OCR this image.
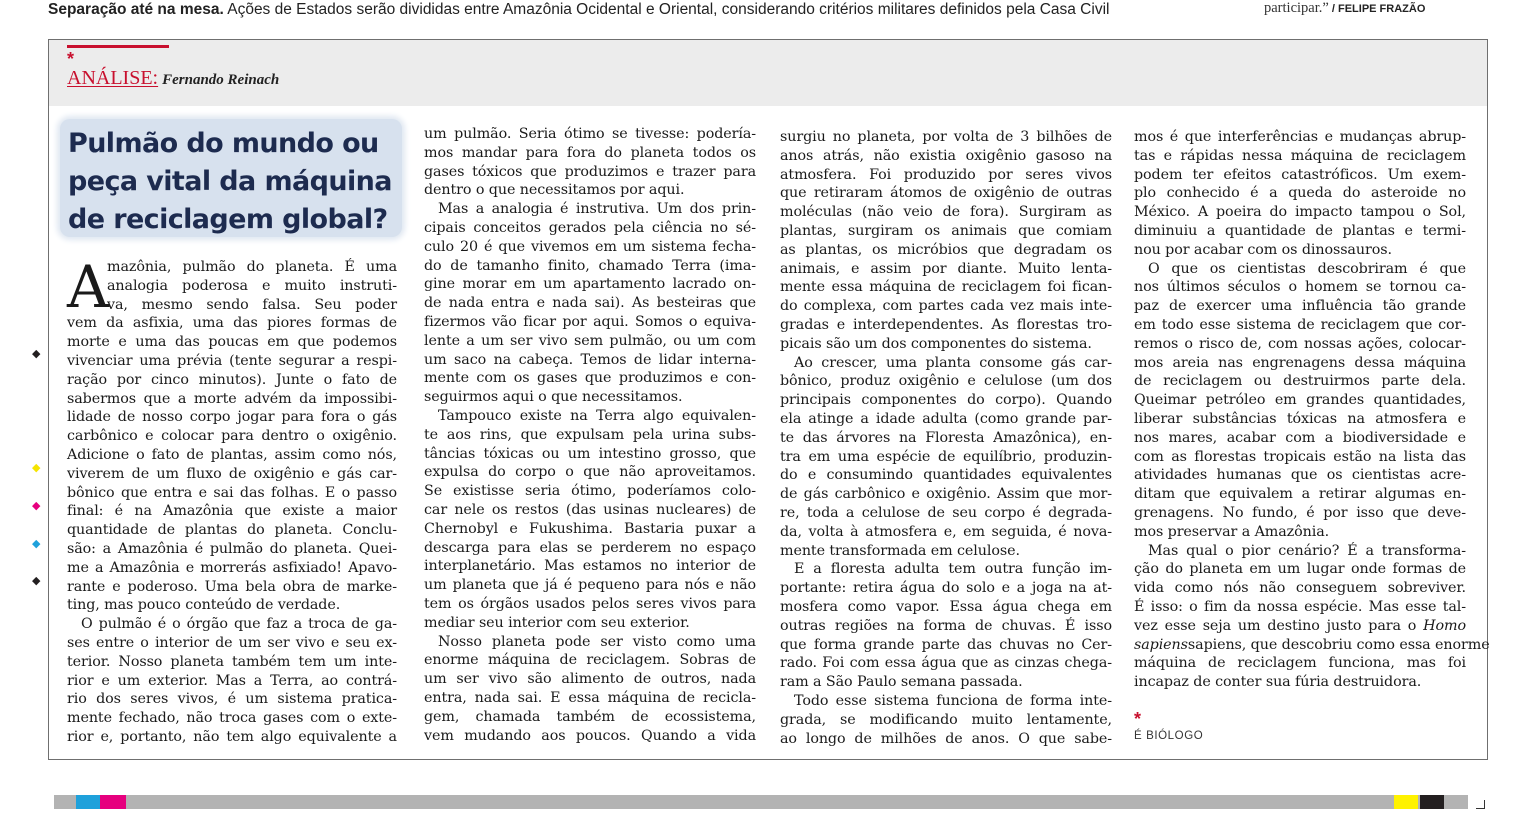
Separação até na mesa. Ações de Estados serão divididas entre Amazônia Ocidental e Oriental, considerando critérios militares definidos pela Casa Civil	participar.” / FELIPE FRAZÃO
◆
◆
◆
◆
◆
*
ANÁLISE: Fernando Reinach
Pulmão do mundo ou
peça vital da máquina
de reciclagem global?
A
mazônia, pulmão do planeta. É uma
analogia poderosa e muito instruti-
va, mesmo sendo falsa. Seu poder
vem da asfixia, uma das piores formas de
morte e uma das poucas em que podemos
vivenciar uma prévia (tente segurar a respi-
ração por cinco minutos). Junte o fato de
sabermos que a morte advém da impossibi-
lidade de nosso corpo jogar para fora o gás
carbônico e colocar para dentro o oxigênio.
Adicione o fato de plantas, assim como nós,
viverem de um fluxo de oxigênio e gás car-
bônico que entra e sai das folhas. E o passo
final: é na Amazônia que existe a maior
quantidade de plantas do planeta. Conclu-
são: a Amazônia é pulmão do planeta. Quei-
me a Amazônia e morrerás asfixiado! Apavo-
rante e poderoso. Uma bela obra de marke-
ting, mas pouco conteúdo de verdade.
O pulmão é o órgão que faz a troca de ga-
ses entre o interior de um ser vivo e seu ex-
terior. Nosso planeta também tem um inte-
rior e um exterior. Mas a Terra, ao contrá-
rio dos seres vivos, é um sistema pratica-
mente fechado, não troca gases com o exte-
rior e, portanto, não tem algo equivalente a
um pulmão. Seria ótimo se tivesse: podería-
mos mandar para fora do planeta todos os
gases tóxicos que produzimos e trazer para
dentro o que necessitamos por aqui.
Mas a analogia é instrutiva. Um dos prin-
cipais conceitos gerados pela ciência no sé-
culo 20 é que vivemos em um sistema fecha-
do de tamanho finito, chamado Terra (ima-
gine morar em um apartamento lacrado on-
de nada entra e nada sai). As besteiras que
fizermos vão ficar por aqui. Somos o equiva-
lente a um ser vivo sem pulmão, ou um com
um saco na cabeça. Temos de lidar interna-
mente com os gases que produzimos e con-
seguirmos aqui o que necessitamos.
Tampouco existe na Terra algo equivalen-
te aos rins, que expulsam pela urina subs-
tâncias tóxicas ou um intestino grosso, que
expulsa do corpo o que não aproveitamos.
Se existisse seria ótimo, poderíamos colo-
car nele os restos (das usinas nucleares) de
Chernobyl e Fukushima. Bastaria puxar a
descarga para elas se perderem no espaço
interplanetário. Mas estamos no interior de
um planeta que já é pequeno para nós e não
tem os órgãos usados pelos seres vivos para
mediar seu interior com seu exterior.
Nosso planeta pode ser visto como uma
enorme máquina de reciclagem. Sobras de
um ser vivo são alimento de outros, nada
entra, nada sai. E essa máquina de recicla-
gem, chamada também de ecossistema,
vem mudando aos poucos. Quando a vida
surgiu no planeta, por volta de 3 bilhões de
anos atrás, não existia oxigênio gasoso na
atmosfera. Foi produzido por seres vivos
que retiraram átomos de oxigênio de outras
moléculas (não veio de fora). Surgiram as
plantas, surgiram os animais que comiam
as plantas, os micróbios que degradam os
animais, e assim por diante. Muito lenta-
mente essa máquina de reciclagem foi fican-
do complexa, com partes cada vez mais inte-
gradas e interdependentes. As florestas tro-
picais são um dos componentes do sistema.
Ao crescer, uma planta consome gás car-
bônico, produz oxigênio e celulose (um dos
principais componentes do corpo). Quando
ela atinge a idade adulta (como grande par-
te das árvores na Floresta Amazônica), en-
tra em uma espécie de equilíbrio, produzin-
do e consumindo quantidades equivalentes
de gás carbônico e oxigênio. Assim que mor-
re, toda a celulose de seu corpo é degrada-
da, volta à atmosfera e, em seguida, é nova-
mente transformada em celulose.
E a floresta adulta tem outra função im-
portante: retira água do solo e a joga na at-
mosfera como vapor. Essa água chega em
outras regiões na forma de chuvas. É isso
que forma grande parte das chuvas no Cer-
rado. Foi com essa água que as cinzas chega-
ram a São Paulo semana passada.
Todo esse sistema funciona de forma inte-
grada, se modificando muito lentamente,
ao longo de milhões de anos. O que sabe-
mos é que interferências e mudanças abrup-
tas e rápidas nessa máquina de reciclagem
podem ter efeitos catastróficos. Um exem-
plo conhecido é a queda do asteroide no
México. A poeira do impacto tampou o Sol,
diminuiu a quantidade de plantas e termi-
nou por acabar com os dinossauros.
O que os cientistas descobriram é que
nos últimos séculos o homem se tornou ca-
paz de exercer uma influência tão grande
em todo esse sistema de reciclagem que cor-
remos o risco de, com nossas ações, colocar-
mos areia nas engrenagens dessa máquina
de reciclagem ou destruirmos parte dela.
Queimar petróleo em grandes quantidades,
liberar substâncias tóxicas na atmosfera e
nos mares, acabar com a biodiversidade e
com as florestas tropicais estão na lista das
atividades humanas que os cientistas acre-
ditam que equivalem a retirar algumas en-
grenagens. No fundo, é por isso que deve-
mos preservar a Amazônia.
Mas qual o pior cenário? É a transforma-
ção do planeta em um lugar onde formas de
vida como nós não conseguem sobreviver.
É isso: o fim da nossa espécie. Mas esse tal-
vez esse seja um destino justo para o Homo
sapienssapiens, que descobriu como essa enorme
máquina de reciclagem funciona, mas foi
incapaz de conter sua fúria destruidora.
*
É BIÓLOGO
